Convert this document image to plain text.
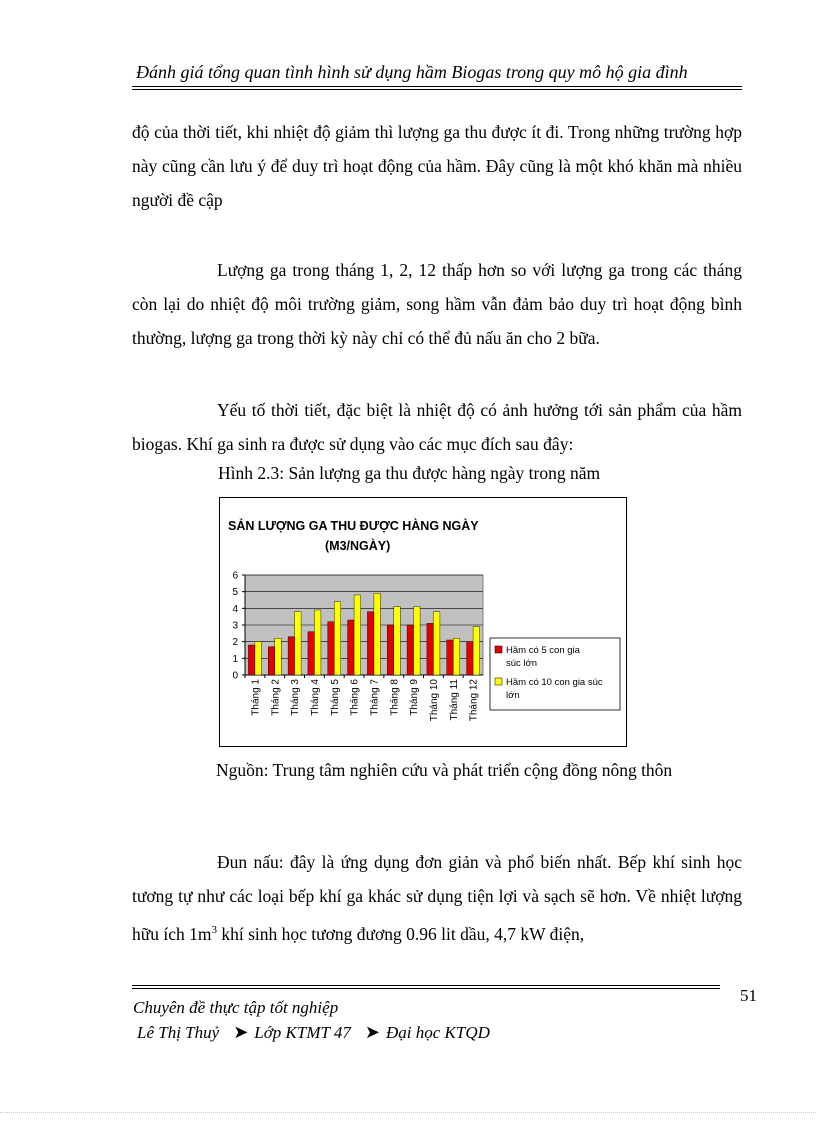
Đánh giá tổng quan tình hình sử dụng hầm Biogas trong quy mô hộ gia đình
độ của thời tiết, khi nhiệt độ giảm thì lượng ga thu được ít đi. Trong những trường hợp này cũng cần lưu ý để duy trì hoạt động của hầm. Đây cũng là một khó khăn mà nhiều người đề cập
Lượng ga trong tháng 1, 2, 12 thấp hơn so với lượng ga trong các tháng còn lại do nhiệt độ môi trường giảm, song hầm vẫn đảm bảo duy trì hoạt động bình thường, lượng ga trong thời kỳ này chỉ có thể đủ nấu ăn cho 2 bữa.
Yếu tố thời tiết, đặc biệt là nhiệt độ có ảnh hưởng tới sản phẩm của hầm biogas. Khí ga sinh ra được sử dụng vào các mục đích sau đây:
Hình 2.3: Sản lượng ga thu được hàng ngày trong năm
SẢN LƯỢNG GA THU ĐƯỢC HÀNG NGÀY
(M3/NGÀY)
0
1
2
3
4
5
6
Tháng 1 Tháng 2 Tháng 3 Tháng 4 Tháng 5 Tháng 6 Tháng 7 Tháng 8 Tháng 9 Tháng 10 Tháng 11 Tháng 12
Hầm có 5 con gia
súc lớn
Hầm có 10 con gia súc
lớn
Nguồn: Trung tâm nghiên cứu và phát triển cộng đồng nông thôn
Đun nấu: đây là ứng dụng đơn giản và phổ biến nhất. Bếp khí sinh học tương tự như các loại bếp khí ga khác sử dụng tiện lợi và sạch sẽ hơn. Về nhiệt lượng hữu ích $1m^3$ khí sinh học tương đương 0.96 lit dầu, 4,7 kW điện,
51
Chuyên đề thực tập tốt nghiệp
Lê Thị Thuỷ ➤ Lớp KTMT 47 ➤ Đại học KTQD
